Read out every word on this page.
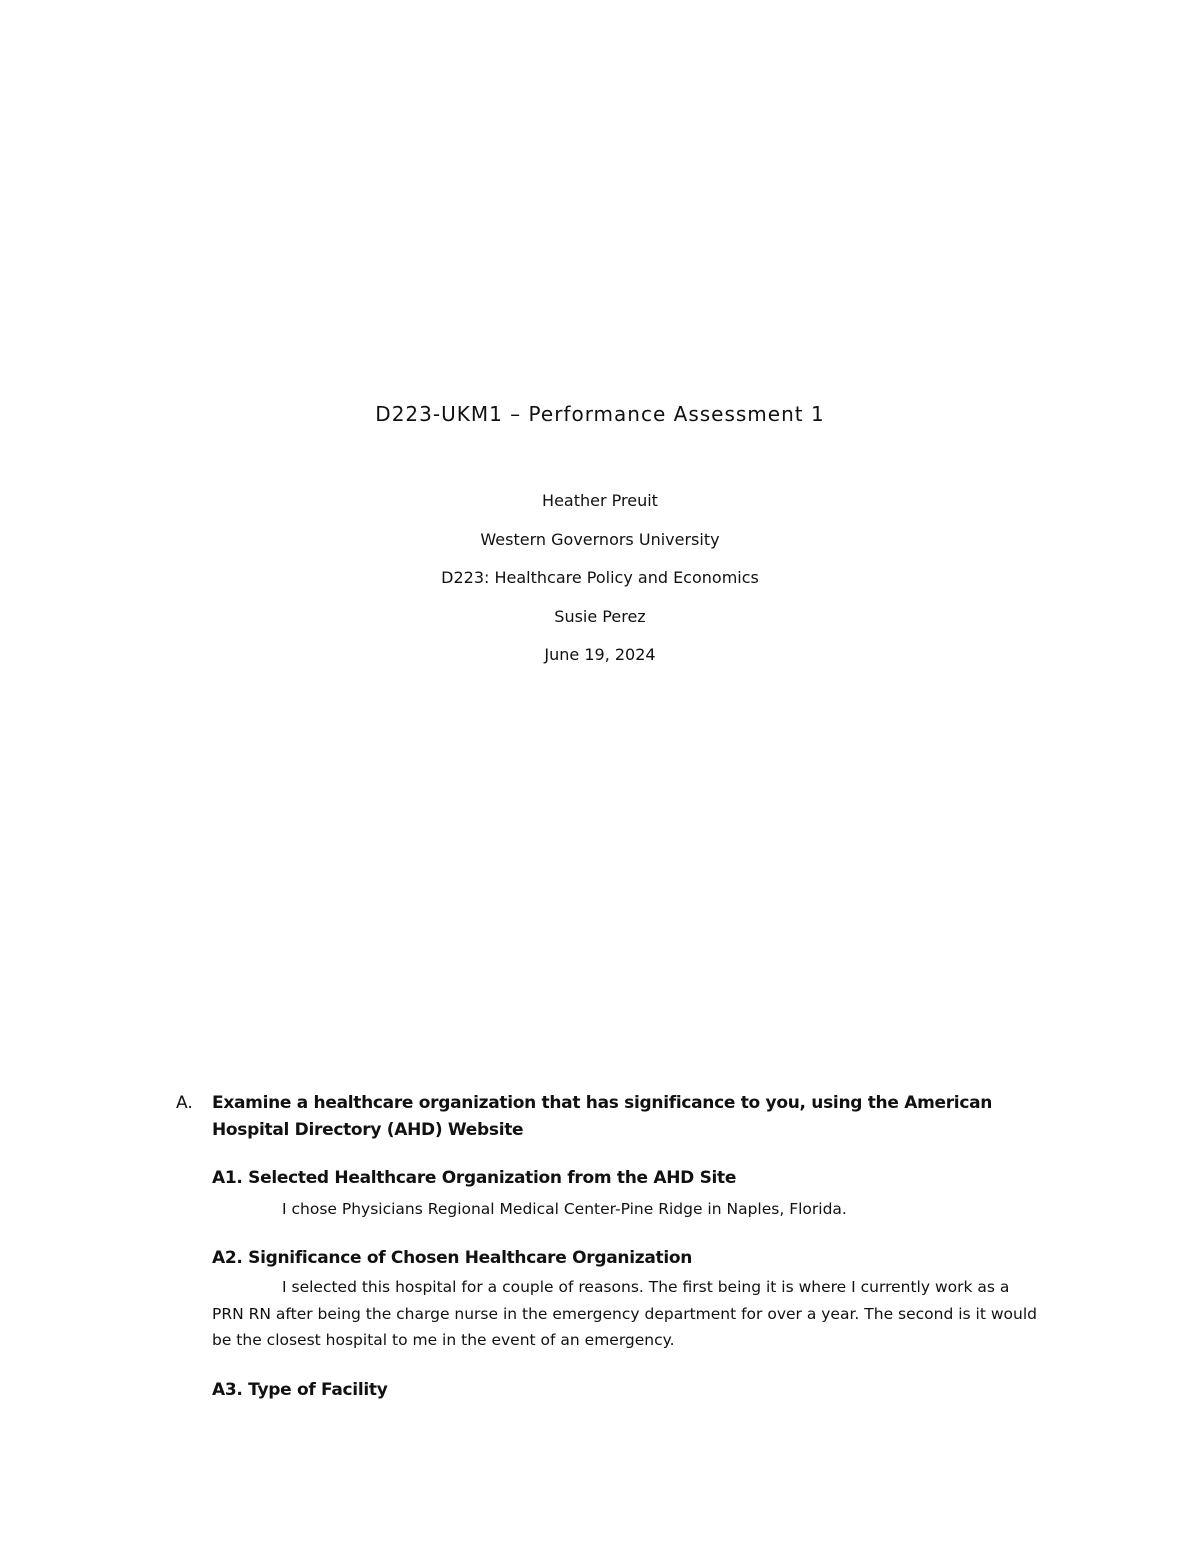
D223-UKM1 – Performance Assessment 1
Heather Preuit
Western Governors University
D223: Healthcare Policy and Economics
Susie Perez
June 19, 2024
A.	Examine a healthcare organization that has significance to you, using the American Hospital Directory (AHD) Website
A1. Selected Healthcare Organization from the AHD Site
I chose Physicians Regional Medical Center-Pine Ridge in Naples, Florida.
A2. Significance of Chosen Healthcare Organization
I selected this hospital for a couple of reasons. The first being it is where I currently work as a PRN RN after being the charge nurse in the emergency department for over a year. The second is it would be the closest hospital to me in the event of an emergency.
A3. Type of Facility
